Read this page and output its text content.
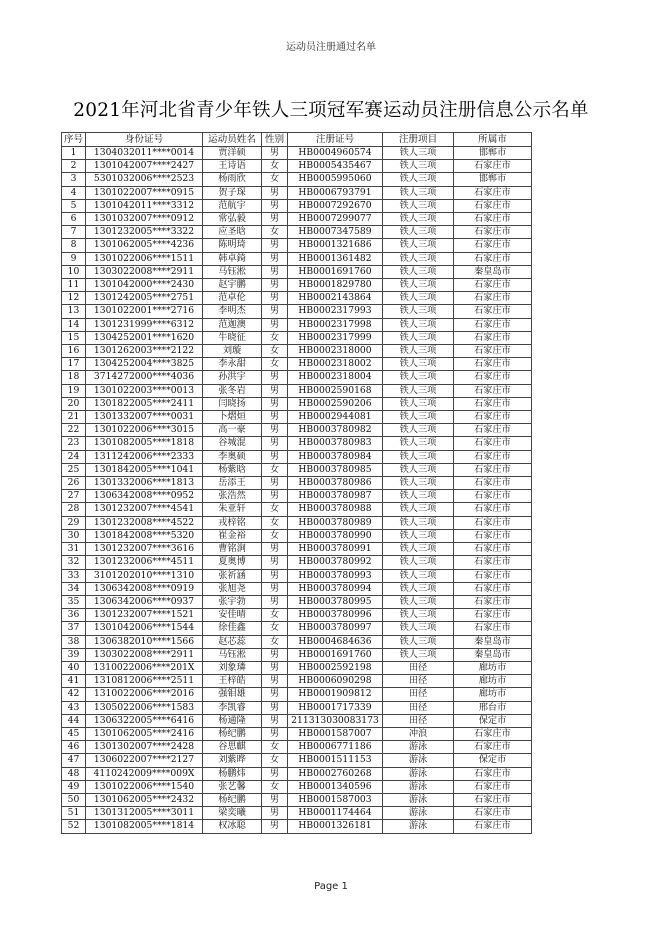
运动员注册通过名单
2021年河北省青少年铁人三项冠军赛运动员注册信息公示名单
序号	身份证号	运动员姓名	性别	注册证号	注册项目	所属市
1	1304032011****0014	贾洋硕	男	HB0004960574	铁人三项	邯郸市
2	1301042007****2427	王诗语	女	HB0005435467	铁人三项	石家庄市
3	5301032006****2523	杨雨欣	女	HB0005995060	铁人三项	邯郸市
4	1301022007****0915	贺子琛	男	HB0006793791	铁人三项	石家庄市
5	1301042011****3312	范航宇	男	HB0007292670	铁人三项	石家庄市
6	1301032007****0912	常弘毅	男	HB0007299077	铁人三项	石家庄市
7	1301232005****3322	应圣晗	女	HB0007347589	铁人三项	石家庄市
8	1301062005****4236	陈明琦	男	HB0001321686	铁人三项	石家庄市
9	1301022006****1511	韩卓錡	男	HB0001361482	铁人三项	石家庄市
10	1303022008****2911	马钰淞	男	HB0001691760	铁人三项	秦皇岛市
11	1301042000****2430	赵宇鹏	男	HB0001829780	铁人三项	石家庄市
12	1301242005****2751	范卓伦	男	HB0002143864	铁人三项	石家庄市
13	1301022001****2716	李明杰	男	HB0002317993	铁人三项	石家庄市
14	1301231999****6312	范迦澳	男	HB0002317998	铁人三项	石家庄市
15	1304252001****1620	牛晓征	女	HB0002317999	铁人三项	石家庄市
16	1301262003****2122	刘璇	女	HB0002318000	铁人三项	石家庄市
17	1304252004****3825	李永甜	女	HB0002318002	铁人三项	石家庄市
18	3714272000****4036	孙洪宇	男	HB0002318004	铁人三项	石家庄市
19	1301022003****0013	张冬岩	男	HB0002590168	铁人三项	石家庄市
20	1301822005****2411	闫晓扬	男	HB0002590206	铁人三项	石家庄市
21	1301332007****0031	卜熠烜	男	HB0002944081	铁人三项	石家庄市
22	1301022006****3015	高一豪	男	HB0003780982	铁人三项	石家庄市
23	1301082005****1818	谷城混	男	HB0003780983	铁人三项	石家庄市
24	1311242006****2333	李奥硕	男	HB0003780984	铁人三项	石家庄市
25	1301842005****1041	杨紫晗	女	HB0003780985	铁人三项	石家庄市
26	1301332006****1813	岳添王	男	HB0003780986	铁人三项	石家庄市
27	1306342008****0952	张浩然	男	HB0003780987	铁人三项	石家庄市
28	1301232007****4541	朱亚轩	女	HB0003780988	铁人三项	石家庄市
29	1301232008****4522	戎梓铭	女	HB0003780989	铁人三项	石家庄市
30	1301842008****5320	崔金裕	女	HB0003780990	铁人三项	石家庄市
31	1301232007****3616	曹铭涧	男	HB0003780991	铁人三项	石家庄市
32	1301232006****4511	夏奥博	男	HB0003780992	铁人三项	石家庄市
33	3101202010****1310	张祈涵	男	HB0003780993	铁人三项	石家庄市
34	1306342008****0919	张旭尧	男	HB0003780994	铁人三项	石家庄市
35	1306342006****0937	张宇勃	男	HB0003780995	铁人三项	石家庄市
36	1301232007****1521	安佳晴	女	HB0003780996	铁人三项	石家庄市
37	1301042006****1544	徐佳鑫	女	HB0003780997	铁人三项	石家庄市
38	1306382010****1566	赵芯蕊	女	HB0004684636	铁人三项	秦皇岛市
39	1303022008****2911	马钰淞	男	HB0001691760	铁人三项	秦皇岛市
40	1310022006****201X	刘象璘	男	HB0002592198	田径	廊坊市
41	1310812006****2511	王梓皓	男	HB0006090298	田径	廊坊市
42	1310022006****2016	强钼雄	男	HB0001909812	田径	廊坊市
43	1305022006****1583	李凯睿	男	HB0001717339	田径	邢台市
44	1306322005****6416	杨通隆	男	211313030083173	田径	保定市
45	1301062005****2416	杨纪鹏	男	HB0001587007	冲浪	石家庄市
46	1301302007****2428	谷思麒	女	HB0006771186	游泳	石家庄市
47	1306022007****2127	刘紫晔	女	HB0001511153	游泳	保定市
48	4110242009****009X	杨鹏炜	男	HB0002760268	游泳	石家庄市
49	1301022006****1540	张艺馨	女	HB0001340596	游泳	石家庄市
50	1301062005****2432	杨纪鹏	男	HB0001587003	游泳	石家庄市
51	1301312005****3011	梁奕曦	男	HB0001174464	游泳	石家庄市
52	1301082005****1814	权冰聪	男	HB0001326181	游泳	石家庄市
Page 1
